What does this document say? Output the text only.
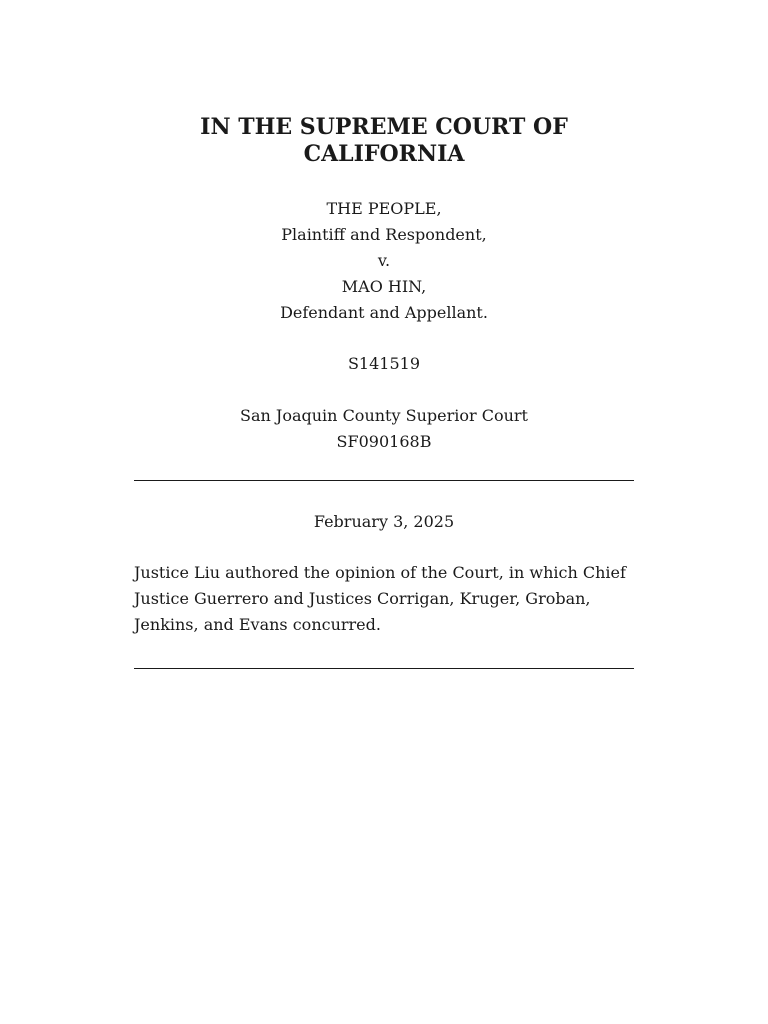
IN THE SUPREME COURT OF
CALIFORNIA
THE PEOPLE,
Plaintiff and Respondent,
v.
MAO HIN,
Defendant and Appellant.
S141519
San Joaquin County Superior Court
SF090168B
February 3, 2025

Justice Liu authored the opinion of the Court, in which Chief Justice Guerrero and Justices Corrigan, Kruger, Groban, Jenkins, and Evans concurred.
